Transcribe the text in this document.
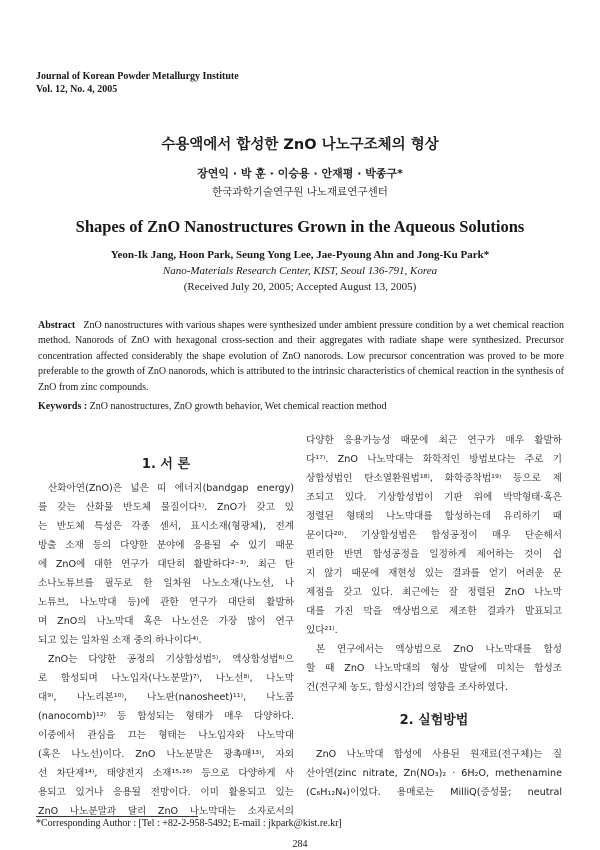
Journal of Korean Powder Metallurgy Institute
Vol. 12, No. 4, 2005
수용액에서 합성한 ZnO 나노구조체의 형상
장연익 · 박 훈 · 이승용 · 안재평 · 박종구*
한국과학기술연구원 나노재료연구센터
Shapes of ZnO Nanostructures Grown in the Aqueous Solutions
Yeon-Ik Jang, Hoon Park, Seung Yong Lee, Jae-Pyoung Ahn and Jong-Ku Park*
Nano-Materials Research Center, KIST, Seoul 136-791, Korea
(Received July 20, 2005; Accepted August 13, 2005)
Abstract ZnO nanostructures with various shapes were synthesized under ambient pressure condition by a wet chemical reaction method. Nanorods of ZnO with hexagonal cross-section and their aggregates with radiate shape were synthesized. Precursor concentration affected considerably the shape evolution of ZnO nanorods. Low precursor concentration was proved to be more preferable to the growth of ZnO nanorods, which is attributed to the intrinsic characteristics of chemical reaction in the synthesis of ZnO from zinc compounds.
Keywords : ZnO nanostructures, ZnO growth behavior, Wet chemical reaction method
1. 서 론
산화아연(ZnO)은 넓은 띠 에너지(bandgap energy)
를 갖는 산화물 반도체 물질이다¹⁾. ZnO가 갖고 있
는 반도체 특성은 각종 센서, 표시소재(형광체), 전계
방출 소재 등의 다양한 분야에 응용될 수 있기 때문
에 ZnO에 대한 연구가 대단히 활발하다²⁻³⁾. 최근 탄
소나노튜브를 필두로 한 일차원 나노소재(나노선, 나
노튜브, 나노막대 등)에 관한 연구가 대단히 활발하
며 ZnO의 나노막대 혹은 나노선은 가장 많이 연구
되고 있는 일차원 소재 중의 하나이다⁴⁾.
ZnO는 다양한 공정의 기상합성법⁵⁾, 액상합성법⁶⁾으
로 합성되며 나노입자(나노분말)⁷⁾, 나노선⁸⁾, 나노막
대⁹⁾, 나노리본¹⁰⁾, 나노판(nanosheet)¹¹⁾, 나노콤
(nanocomb)¹²⁾ 등 합성되는 형태가 매우 다양하다.
이중에서 관심을 끄는 형태는 나노입자와 나노막대
(혹은 나노선)이다. ZnO 나노분말은 광촉매¹³⁾, 자외
선 차단제¹⁴⁾, 태양전지 소재¹⁵·¹⁶⁾ 등으로 다양하게 사
용되고 있거나 응용될 전망이다. 이미 활용되고 있는
ZnO 나노분말과 달리 ZnO 나노막대는 소자로서의
다양한 응용가능성 때문에 최근 연구가 매우 활발하
다¹⁷⁾. ZnO 나노막대는 화학적인 방법보다는 주로 기
상합성법인 탄소열환원법¹⁸⁾, 화학증착법¹⁹⁾ 등으로 제
조되고 있다. 기상합성법이 기판 위에 박막형태·혹은
정렬된 형태의 나노막대를 합성하는데 유리하기 때
문이다²⁰⁾. 기상합성법은 합성공정이 매우 단순해서
편리한 반면 합성공정을 일정하게 제어하는 것이 쉽
지 않기 때문에 재현성 있는 결과를 얻기 어려운 문
제점을 갖고 있다. 최근에는 잘 정렬된 ZnO 나노막
대를 가진 막을 액상법으로 제조한 결과가 발표되고
있다²¹⁾.
본 연구에서는 액상법으로 ZnO 나노막대를 합성
할 때 ZnO 나노막대의 형상 발달에 미치는 합성조
건(전구체 농도, 합성시간)의 영향을 조사하였다.
2. 실험방법
ZnO 나노막대 합성에 사용된 원재료(전구체)는 질
산아연(zinc nitrate, Zn(NO₃)₂ · 6H₂O, methenamine
(C₆H₁₂N₄)이었다. 용매로는 MilliQ(증성물; neutral
*Corresponding Author : [Tel : +82-2-958-5492; E-mail : jkpark@kist.re.kr]
284
